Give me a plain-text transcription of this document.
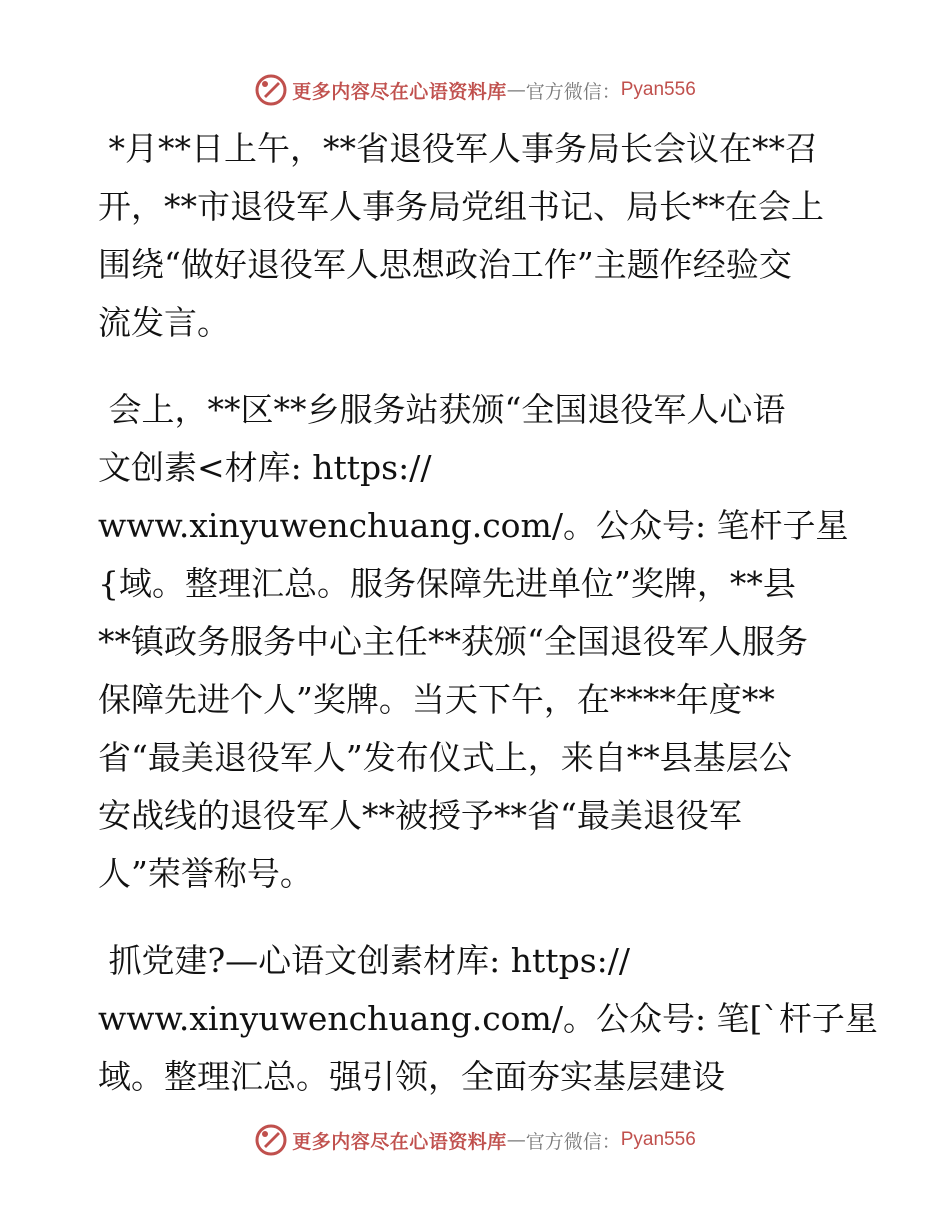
更多内容尽在心语资料库 — 官方微信： Pyan556
*月**日上午，**省退役军人事务局长会议在**召
开，**市退役军人事务局党组书记、局长**在会上
围绕“做好退役军人思想政治工作”主题作经验交
流发言。
会上，**区**乡服务站获颁“全国退役军人心语
文创素<材库: https://
www.xinyuwenchuang.com/。公众号: 笔杆子星
{域。整理汇总。服务保障先进单位”奖牌，**县
**镇政务服务中心主任**获颁“全国退役军人服务
保障先进个人”奖牌。当天下午，在****年度**
省“最美退役军人”发布仪式上，来自**县基层公
安战线的退役军人**被授予**省“最美退役军
人”荣誉称号。
抓党建?—心语文创素材库: https://
www.xinyuwenchuang.com/。公众号: 笔[`杆子星
域。整理汇总。强引领，全面夯实基层建设
更多内容尽在心语资料库 — 官方微信： Pyan556
